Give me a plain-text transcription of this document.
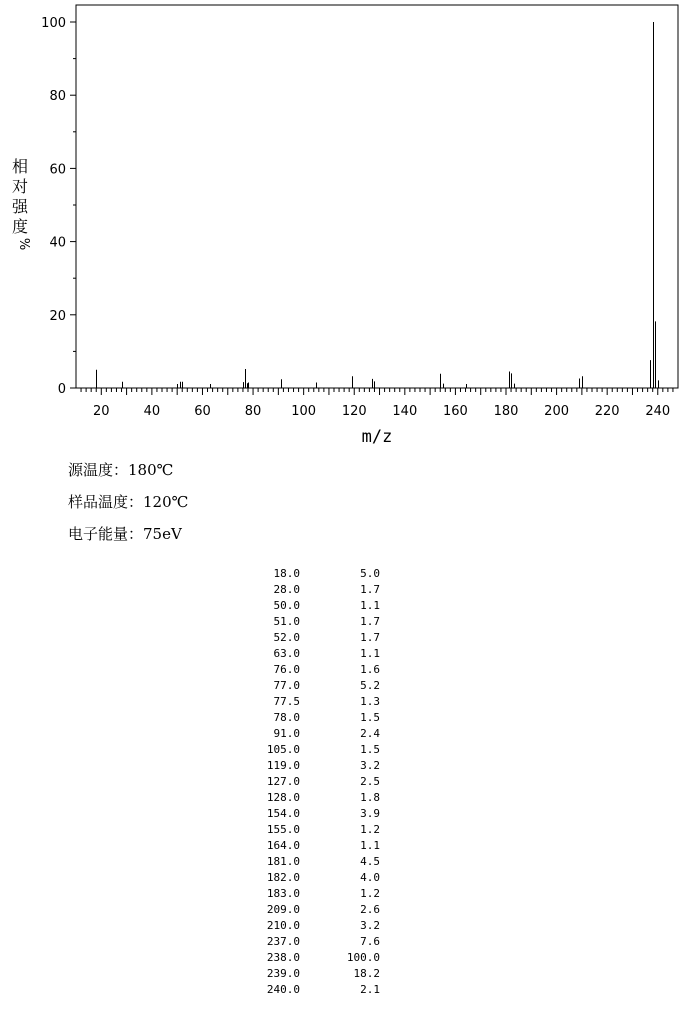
0
20
40
60
80
100
20	40	60	80 100 120 140 160 180 200 220 240
m/z
相
对
强
度
%
源温度：180℃
样品温度：120℃
电子能量：75eV
18.0	5.0
28.0	1.7
50.0	1.1
51.0	1.7
52.0	1.7
63.0	1.1
76.0	1.6
77.0	5.2
77.5	1.3
78.0	1.5
91.0	2.4
105.0	1.5
119.0	3.2
127.0	2.5
128.0	1.8
154.0	3.9
155.0	1.2
164.0	1.1
181.0	4.5
182.0	4.0
183.0	1.2
209.0	2.6
210.0	3.2
237.0	7.6
238.0	100.0
239.0	18.2
240.0	2.1
